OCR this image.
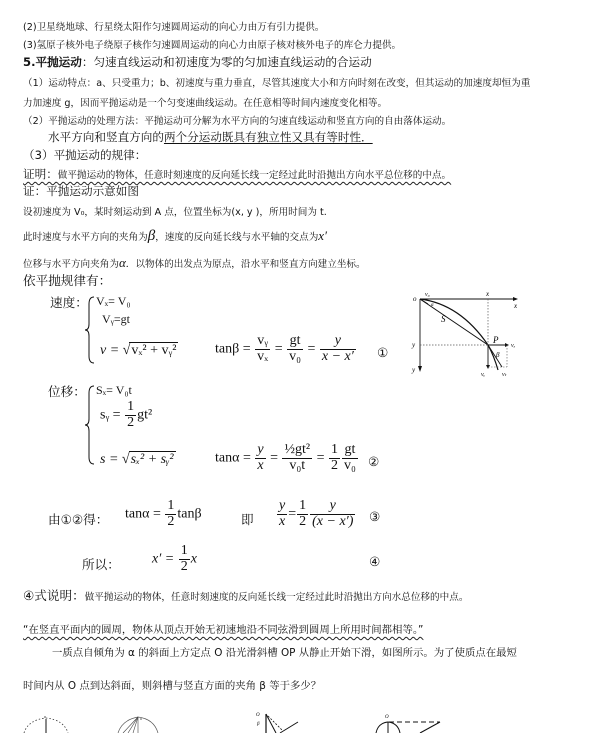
(2)卫星绕地球、行星绕太阳作匀速圆周运动的向心力由万有引力提供。
(3)氢原子核外电子绕原子核作匀速圆周运动的向心力由原子核对核外电子的库仑力提供。
5.平抛运动：匀速直线运动和初速度为零的匀加速直线运动的合运动
（1）运动特点：a、只受重力；b、初速度与重力垂直，尽管其速度大小和方向时刻在改变，但其运动的加速度却恒为重
力加速度 g，因而平抛运动是一个匀变速曲线运动。在任意相等时间内速度变化相等。
（2）平抛运动的处理方法：平抛运动可分解为水平方向的匀速直线运动和竖直方向的自由落体运动。
水平方向和竖直方向的两个分运动既具有独立性又具有等时性．
（3）平抛运动的规律：
证明：做平抛运动的物体，任意时刻速度的反向延长线一定经过此时沿抛出方向水平总位移的中点。
证：平抛运动示意如图
设初速度为 V₀，某时刻运动到 A 点，位置坐标为(x, y )，所用时间为 t.
此时速度与水平方向的夹角为β，速度的反向延长线与水平轴的交点为x′
位移与水平方向夹角为α．以物体的出发点为原点，沿水平和竖直方向建立坐标。
依平抛规律有：
速度： Vₓ= V₀
Vᵧ=gt
v = √vₓ² + vᵧ²	$\tan\beta = \frac{\text{vᵧ}}{\text{vₓ}} = \frac{gt}{\text{v₀}} = \frac{y}{x - x'}$ ①
o v₀	x
x
S
P
vₓ
y
y
β
vᵧ	vₜ
α
位移： Sₓ= V₀t
sᵧ = $\frac{1}{2} gt^2$
s = √sₓ² + sᵧ²	$\tan\alpha = \frac{y}{x} = \frac{\text{½gt²}}{\text{v₀t}} = \frac{1}{2} \frac{gt}{\text{v₀}}$ ②
由①②得： $\tan\alpha = \frac{1}{2}$ tanβ	即 $\frac{y}{x} = \frac{1}{2} \frac{y}{(x - x')}$ ③
所以： $x' = \frac{1}{2}$ x	④
④式说明：做平抛运动的物体，任意时刻速度的反向延长线一定经过此时沿抛出方向水总位移的中点。
“在竖直平面内的圆周，物体从顶点开始无初速地沿不同弦滑到圆周上所用时间都相等。”
一质点自倾角为 α 的斜面上方定点 O 沿光滑斜槽 OP 从静止开始下滑，如图所示。为了使质点在最短
时间内从 O 点到达斜面，则斜槽与竖直方面的夹角 β 等于多少？
o	o
O
β
O
